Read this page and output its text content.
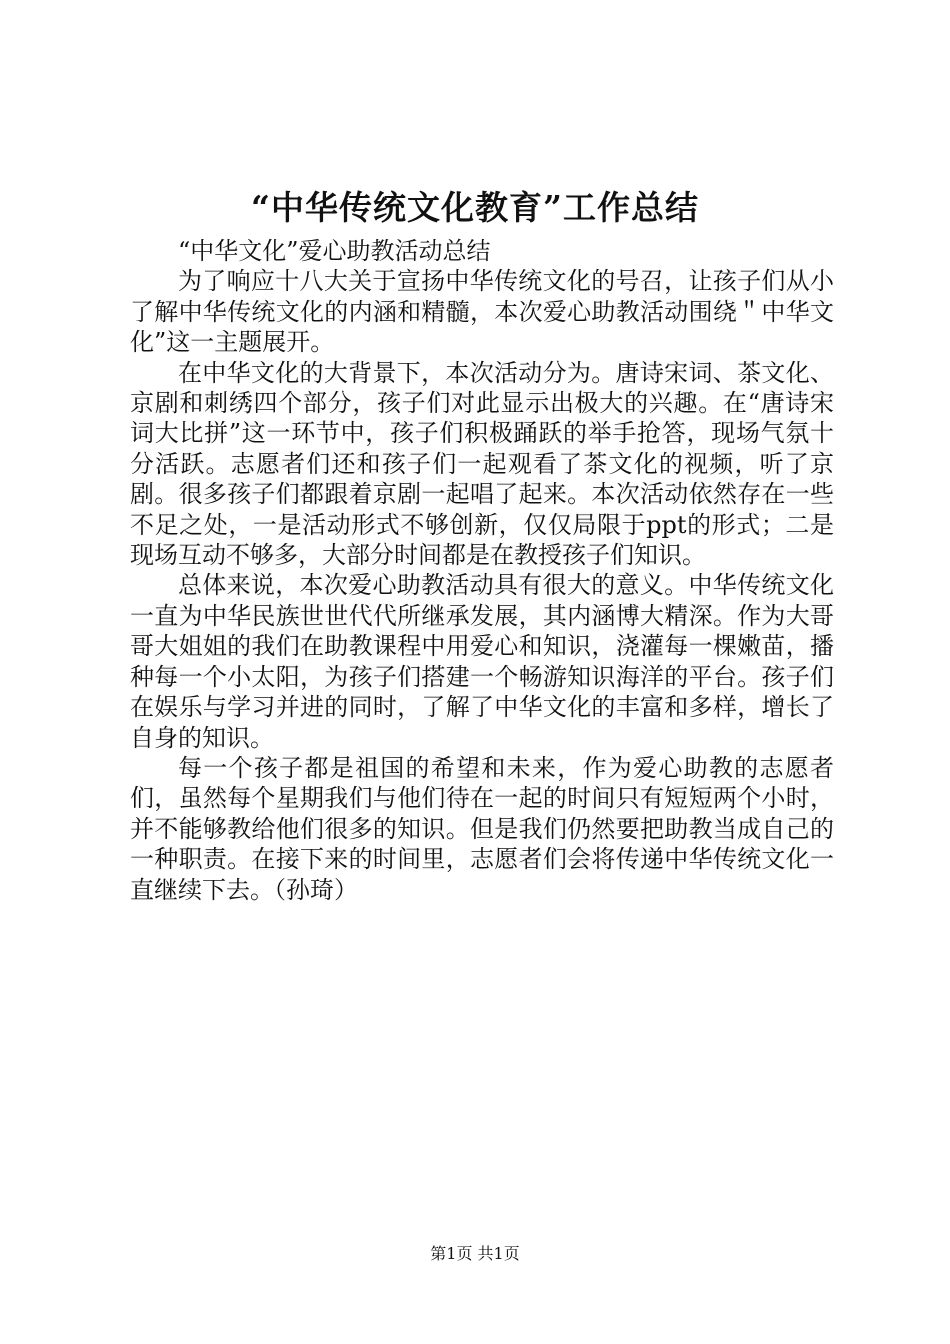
“中华传统文化教育”工作总结

“中华文化”爱心助教活动总结

为了响应十八大关于宣扬中华传统文化的号召，让孩子们从小了解中华传统文化的内涵和精髓，本次爱心助教活动围绕＂中华文化”这一主题展开。

在中华文化的大背景下，本次活动分为。唐诗宋词、茶文化、京剧和刺绣四个部分，孩子们对此显示出极大的兴趣。在“唐诗宋词大比拼”这一环节中，孩子们积极踊跃的举手抢答，现场气氛十分活跃。志愿者们还和孩子们一起观看了茶文化的视频，听了京剧。很多孩子们都跟着京剧一起唱了起来。本次活动依然存在一些不足之处，一是活动形式不够创新，仅仅局限于ppt的形式；二是现场互动不够多，大部分时间都是在教授孩子们知识。

总体来说，本次爱心助教活动具有很大的意义。中华传统文化一直为中华民族世世代代所继承发展，其内涵博大精深。作为大哥哥大姐姐的我们在助教课程中用爱心和知识，浇灌每一棵嫩苗，播种每一个小太阳，为孩子们搭建一个畅游知识海洋的平台。孩子们在娱乐与学习并进的同时，了解了中华文化的丰富和多样，增长了自身的知识。

每一个孩子都是祖国的希望和未来，作为爱心助教的志愿者们，虽然每个星期我们与他们待在一起的时间只有短短两个小时，并不能够教给他们很多的知识。但是我们仍然要把助教当成自己的一种职责。在接下来的时间里，志愿者们会将传递中华传统文化一直继续下去。（孙琦）

第1页 共1页
